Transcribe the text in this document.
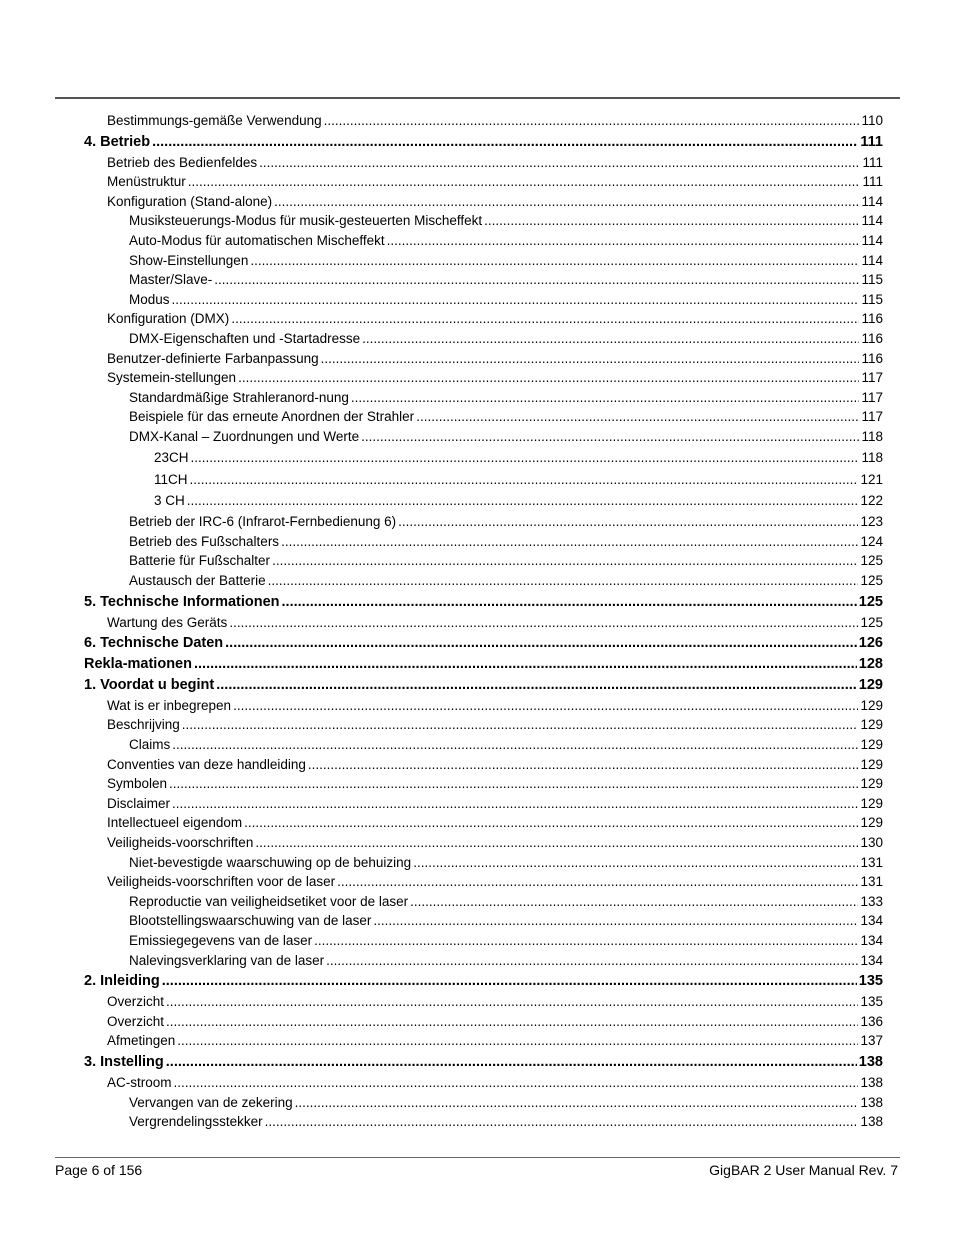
Bestimmungs-gemäße Verwendung .....	110
4. Betrieb .....	111
Betrieb des Bedienfeldes .....	111
Menüstruktur .....	111
Konfiguration (Stand-alone) .....	114
Musiksteuerungs-Modus für musik-gesteuerten Mischeffekt .....	114
Auto-Modus für automatischen Mischeffekt .....	114
Show-Einstellungen .....	114
Master/Slave- .....	115
Modus .....	115
Konfiguration (DMX) .....	116
DMX-Eigenschaften und -Startadresse .....	116
Benutzer-definierte Farbanpassung .....	116
Systemein-stellungen .....	117
Standardmäßige Strahleranord-nung .....	117
Beispiele für das erneute Anordnen der Strahler .....	117
DMX-Kanal – Zuordnungen und Werte .....	118
23CH .....	118
11CH .....	121
3 CH .....	122
Betrieb der IRC-6 (Infrarot-Fernbedienung 6) .....	123
Betrieb des Fußschalters .....	124
Batterie für Fußschalter .....	125
Austausch der Batterie .....	125
5. Technische Informationen .....	125
Wartung des Geräts .....	125
6. Technische Daten .....	126
Rekla-mationen .....	128
1. Voordat u begint .....	129
Wat is er inbegrepen .....	129
Beschrijving .....	129
Claims .....	129
Conventies van deze handleiding .....	129
Symbolen .....	129
Disclaimer .....	129
Intellectueel eigendom .....	129
Veiligheids-voorschriften .....	130
Niet-bevestigde waarschuwing op de behuizing .....	131
Veiligheids-voorschriften voor de laser .....	131
Reproductie van veiligheidsetiket voor de laser .....	133
Blootstellingswaarschuwing van de laser .....	134
Emissiegegevens van de laser .....	134
Nalevingsverklaring van de laser .....	134
2. Inleiding .....	135
Overzicht .....	135
Overzicht .....	136
Afmetingen .....	137
3. Instelling .....	138
AC-stroom .....	138
Vervangen van de zekering .....	138
Vergrendelingsstekker .....	138
Page 6 of 156	GigBAR 2 User Manual Rev. 7
